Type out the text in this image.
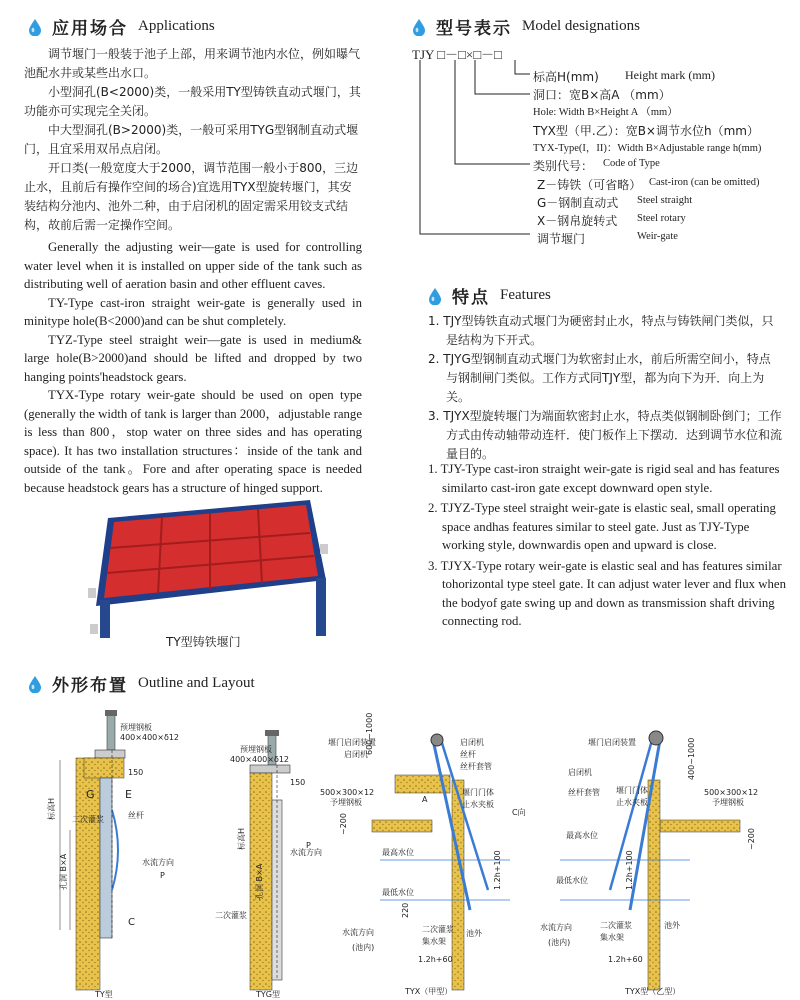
应用场合 Applications

调节堰门一般装于池子上部，用来调节池内水位，例如曝气池配水井或某些出水口。

小型洞孔(B<2000)类，一般采用TY型铸铁直动式堰门，其功能亦可实现完全关闭。

中大型洞孔(B>2000)类，一般可采用TYG型钢制直动式堰门，且宜采用双吊点启闭。

开口类(一般宽度大于2000，调节范围一般小于800，三边止水，且前后有操作空间的场合)宜选用TYX型旋转堰门，其安装结构分池内、池外二种，由于启闭机的固定需采用铰支式结构，故前后需一定操作空间。

Generally the adjusting weir—gate is used for controlling water level when it is installed on upper side of the tank such as distributing well of aeration basin and other effluent caves.

TY-Type cast-iron straight weir-gate is generally used in minitype hole(B<2000)and can be shut completely.

TYZ-Type steel straight weir—gate is used in medium& large hole(B>2000)and should be lifted and dropped by two hanging points'headstock gears.

TYX-Type rotary weir-gate should be used on open type (generally the width of tank is larger than 2000，adjustable range is less than 800，stop water on three sides and has operating space). It has two installation structures：inside of the tank and outside of the tank。Fore and after operating space is needed because headstock gears has a structure of hinged support.

TY型铸铁堰门
型号表示 Model designations
TJY □－□×□－□
标高H(mm) Height mark (mm)
洞口：宽B×高A （mm）
Hole: Width B×Height A （mm）
TYX型（甲.乙）：宽B×调节水位h（mm）
TYX-Type(I，II)：Width B×Adjustable range h(mm)
类别代号： Code of Type
Z－铸铁（可省略） Cast-iron (can be omitted)
G－钢制直动式 Steel straight
X－钢帛旋转式 Steel rotary
调节堰门	Weir-gate
特点 Features
1. TJY型铸铁直动式堰门为硬密封止水，特点与铸铁闸门类似，只是结构为下开式。
2. TJYG型钢制直动式堰门为软密封止水，前后所需空间小，特点与钢制闸门类似。工作方式同TJY型，都为向下为开．向上为关。
3. TJYX型旋转堰门为端面软密封止水，特点类似钢制卧倒门；工作方式由传动轴带动连杆．使门板作上下摆动．达到调节水位和流量目的。
1. TJY-Type cast-iron straight weir-gate is rigid seal and has features similarto cast-iron gate except downward open style.
2. TJYZ-Type steel straight weir-gate is elastic seal, small operating space andhas features similar to steel gate. Just as TJY-Type working style, downwardis open and upward is close.
3. TJYX-Type rotary weir-gate is elastic seal and has features similar tohorizontal type steel gate. It can adjust water lever and flux when the bodyof gate swing up and down as transmission shaft driving connecting rod.
外形布置 Outline and Layout
预埋钢板
400×400×δ12
150
G	E
二次灌浆	丝杆
标高H
孔洞 B×A	水流方向
P
C
TY型
预埋钢板
400×400×δ12
150
标高H
孔洞 B×A
水流方向
P
二次灌浆
TYG型
堰门启闭装置
启闭机
启闭机
丝杆
丝杆套管
堰门门体
止水夹板
500×300×12
予埋钢板
600~1000
~200
C向
A
最高水位
最低水位
1.2h+100
220
二次灌浆
集水架
池外
水流方向
(池内)
1.2h+60
TYX（甲型）
堰门启闭装置
启闭机
堰门门体
丝杆套管
止水夹板
500×300×12
予埋钢板
400~1000
~200
最高水位
最低水位	1.2h+100
二次灌浆
集水架
池外
水流方向
(池内)
1.2h+60
TYX型（乙型）
